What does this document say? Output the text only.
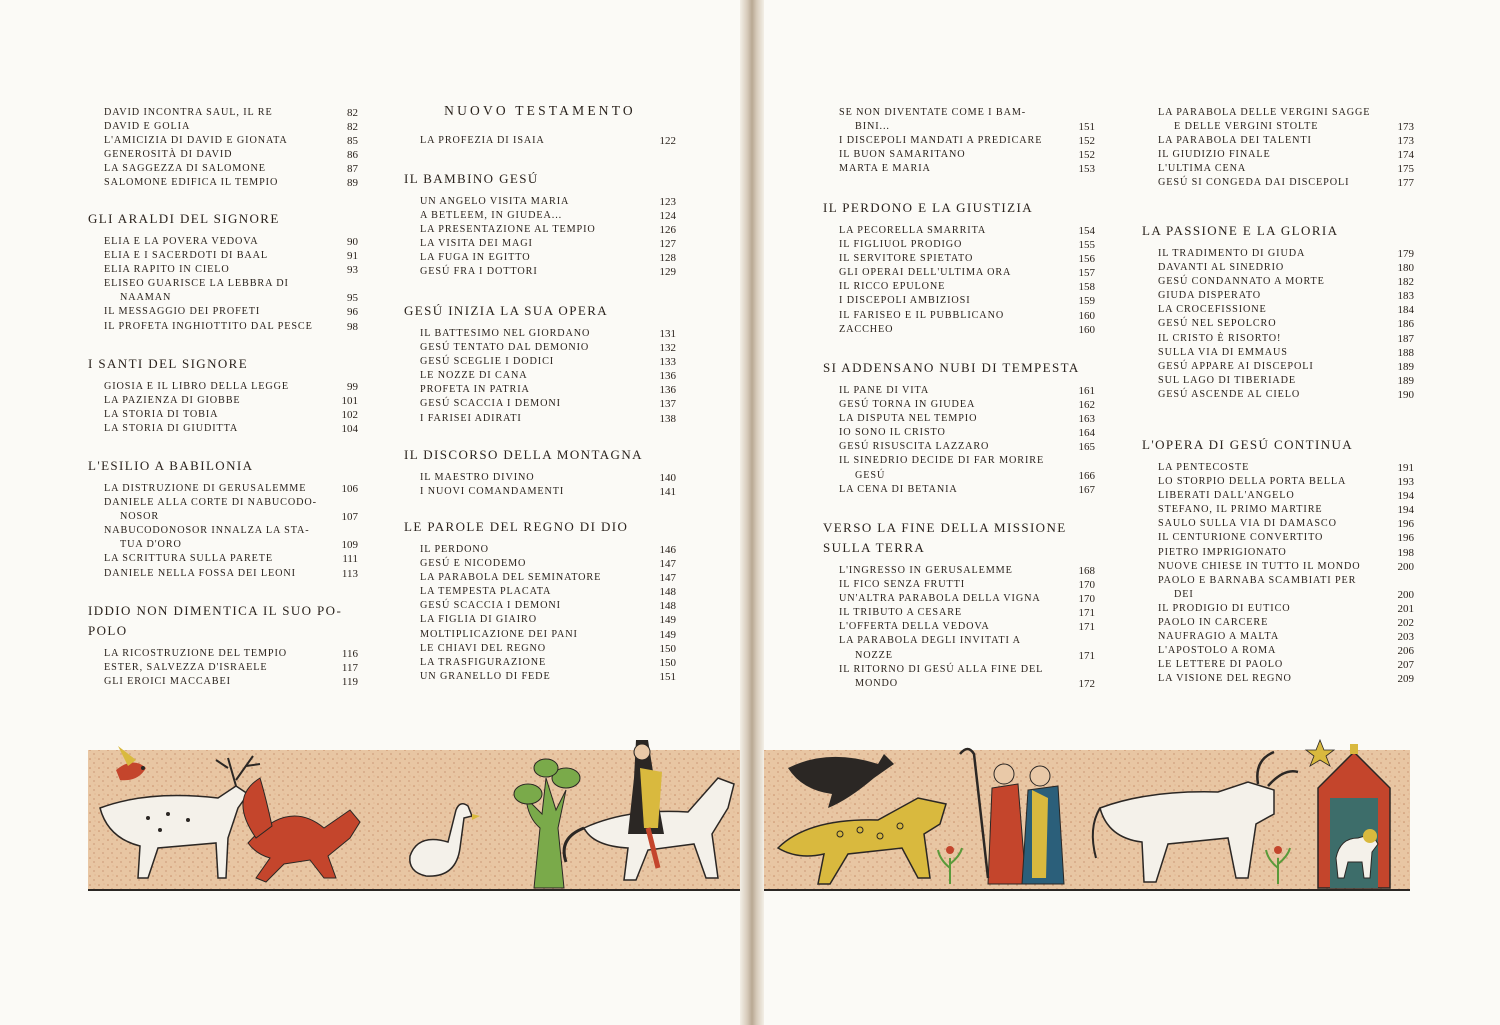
DAVID INCONTRA SAUL, IL RE	82
DAVID E GOLIA	82
L'AMICIZIA DI DAVID E GIONATA	85
GENEROSITÀ DI DAVID	86
LA SAGGEZZA DI SALOMONE	87
SALOMONE EDIFICA IL TEMPIO	89
GLI ARALDI DEL SIGNORE
ELIA E LA POVERA VEDOVA	90
ELIA E I SACERDOTI DI BAAL	91
ELIA RAPITO IN CIELO	93
ELISEO GUARISCE LA LEBBRA DI
NAAMAN	95
IL MESSAGGIO DEI PROFETI	96
IL PROFETA INGHIOTTITO DAL PESCE	98
I SANTI DEL SIGNORE
GIOSIA E IL LIBRO DELLA LEGGE	99
LA PAZIENZA DI GIOBBE	101
LA STORIA DI TOBIA	102
LA STORIA DI GIUDITTA	104
L'ESILIO A BABILONIA
LA DISTRUZIONE DI GERUSALEMME	106
DANIELE ALLA CORTE DI NABUCODO-
NOSOR	107
NABUCODONOSOR INNALZA LA STA-
TUA D'ORO	109
LA SCRITTURA SULLA PARETE	111
DANIELE NELLA FOSSA DEI LEONI	113
IDDIO NON DIMENTICA IL SUO PO-
POLO
LA RICOSTRUZIONE DEL TEMPIO	116
ESTER, SALVEZZA D'ISRAELE	117
GLI EROICI MACCABEI	119
NUOVO TESTAMENTO
LA PROFEZIA DI ISAIA	122
IL BAMBINO GESÚ
UN ANGELO VISITA MARIA	123
A BETLEEM, IN GIUDEA...	124
LA PRESENTAZIONE AL TEMPIO	126
LA VISITA DEI MAGI	127
LA FUGA IN EGITTO	128
GESÚ FRA I DOTTORI	129
GESÚ INIZIA LA SUA OPERA
IL BATTESIMO NEL GIORDANO	131
GESÚ TENTATO DAL DEMONIO	132
GESÚ SCEGLIE I DODICI	133
LE NOZZE DI CANA	136
PROFETA IN PATRIA	136
GESÚ SCACCIA I DEMONI	137
I FARISEI ADIRATI	138
IL DISCORSO DELLA MONTAGNA
IL MAESTRO DIVINO	140
I NUOVI COMANDAMENTI	141
LE PAROLE DEL REGNO DI DIO
IL PERDONO	146
GESÚ E NICODEMO	147
LA PARABOLA DEL SEMINATORE	147
LA TEMPESTA PLACATA	148
GESÚ SCACCIA I DEMONI	148
LA FIGLIA DI GIAIRO	149
MOLTIPLICAZIONE DEI PANI	149
LE CHIAVI DEL REGNO	150
LA TRASFIGURAZIONE	150
UN GRANELLO DI FEDE	151
SE NON DIVENTATE COME I BAM-
BINI...	151
I DISCEPOLI MANDATI A PREDICARE	152
IL BUON SAMARITANO	152
MARTA E MARIA	153
IL PERDONO E LA GIUSTIZIA
LA PECORELLA SMARRITA	154
IL FIGLIUOL PRODIGO	155
IL SERVITORE SPIETATO	156
GLI OPERAI DELL'ULTIMA ORA	157
IL RICCO EPULONE	158
I DISCEPOLI AMBIZIOSI	159
IL FARISEO E IL PUBBLICANO	160
ZACCHEO	160
SI ADDENSANO NUBI DI TEMPESTA
IL PANE DI VITA	161
GESÚ TORNA IN GIUDEA	162
LA DISPUTA NEL TEMPIO	163
IO SONO IL CRISTO	164
GESÚ RISUSCITA LAZZARO	165
IL SINEDRIO DECIDE DI FAR MORIRE
GESÚ	166
LA CENA DI BETANIA	167
VERSO LA FINE DELLA MISSIONE
SULLA TERRA
L'INGRESSO IN GERUSALEMME	168
IL FICO SENZA FRUTTI	170
UN'ALTRA PARABOLA DELLA VIGNA	170
IL TRIBUTO A CESARE	171
L'OFFERTA DELLA VEDOVA	171
LA PARABOLA DEGLI INVITATI A
NOZZE	171
IL RITORNO DI GESÚ ALLA FINE DEL
MONDO	172
LA PARABOLA DELLE VERGINI SAGGE
E DELLE VERGINI STOLTE	173
LA PARABOLA DEI TALENTI	173
IL GIUDIZIO FINALE	174
L'ULTIMA CENA	175
GESÚ SI CONGEDA DAI DISCEPOLI	177
LA PASSIONE E LA GLORIA
IL TRADIMENTO DI GIUDA	179
DAVANTI AL SINEDRIO	180
GESÚ CONDANNATO A MORTE	182
GIUDA DISPERATO	183
LA CROCEFISSIONE	184
GESÚ NEL SEPOLCRO	186
IL CRISTO È RISORTO!	187
SULLA VIA DI EMMAUS	188
GESÚ APPARE AI DISCEPOLI	189
SUL LAGO DI TIBERIADE	189
GESÚ ASCENDE AL CIELO	190
L'OPERA DI GESÚ CONTINUA
LA PENTECOSTE	191
LO STORPIO DELLA PORTA BELLA	193
LIBERATI DALL'ANGELO	194
STEFANO, IL PRIMO MARTIRE	194
SAULO SULLA VIA DI DAMASCO	196
IL CENTURIONE CONVERTITO	196
PIETRO IMPRIGIONATO	198
NUOVE CHIESE IN TUTTO IL MONDO	200
PAOLO E BARNABA SCAMBIATI PER
DEI	200
IL PRODIGIO DI EUTICO	201
PAOLO IN CARCERE	202
NAUFRAGIO A MALTA	203
L'APOSTOLO A ROMA	206
LE LETTERE DI PAOLO	207
LA VISIONE DEL REGNO	209
